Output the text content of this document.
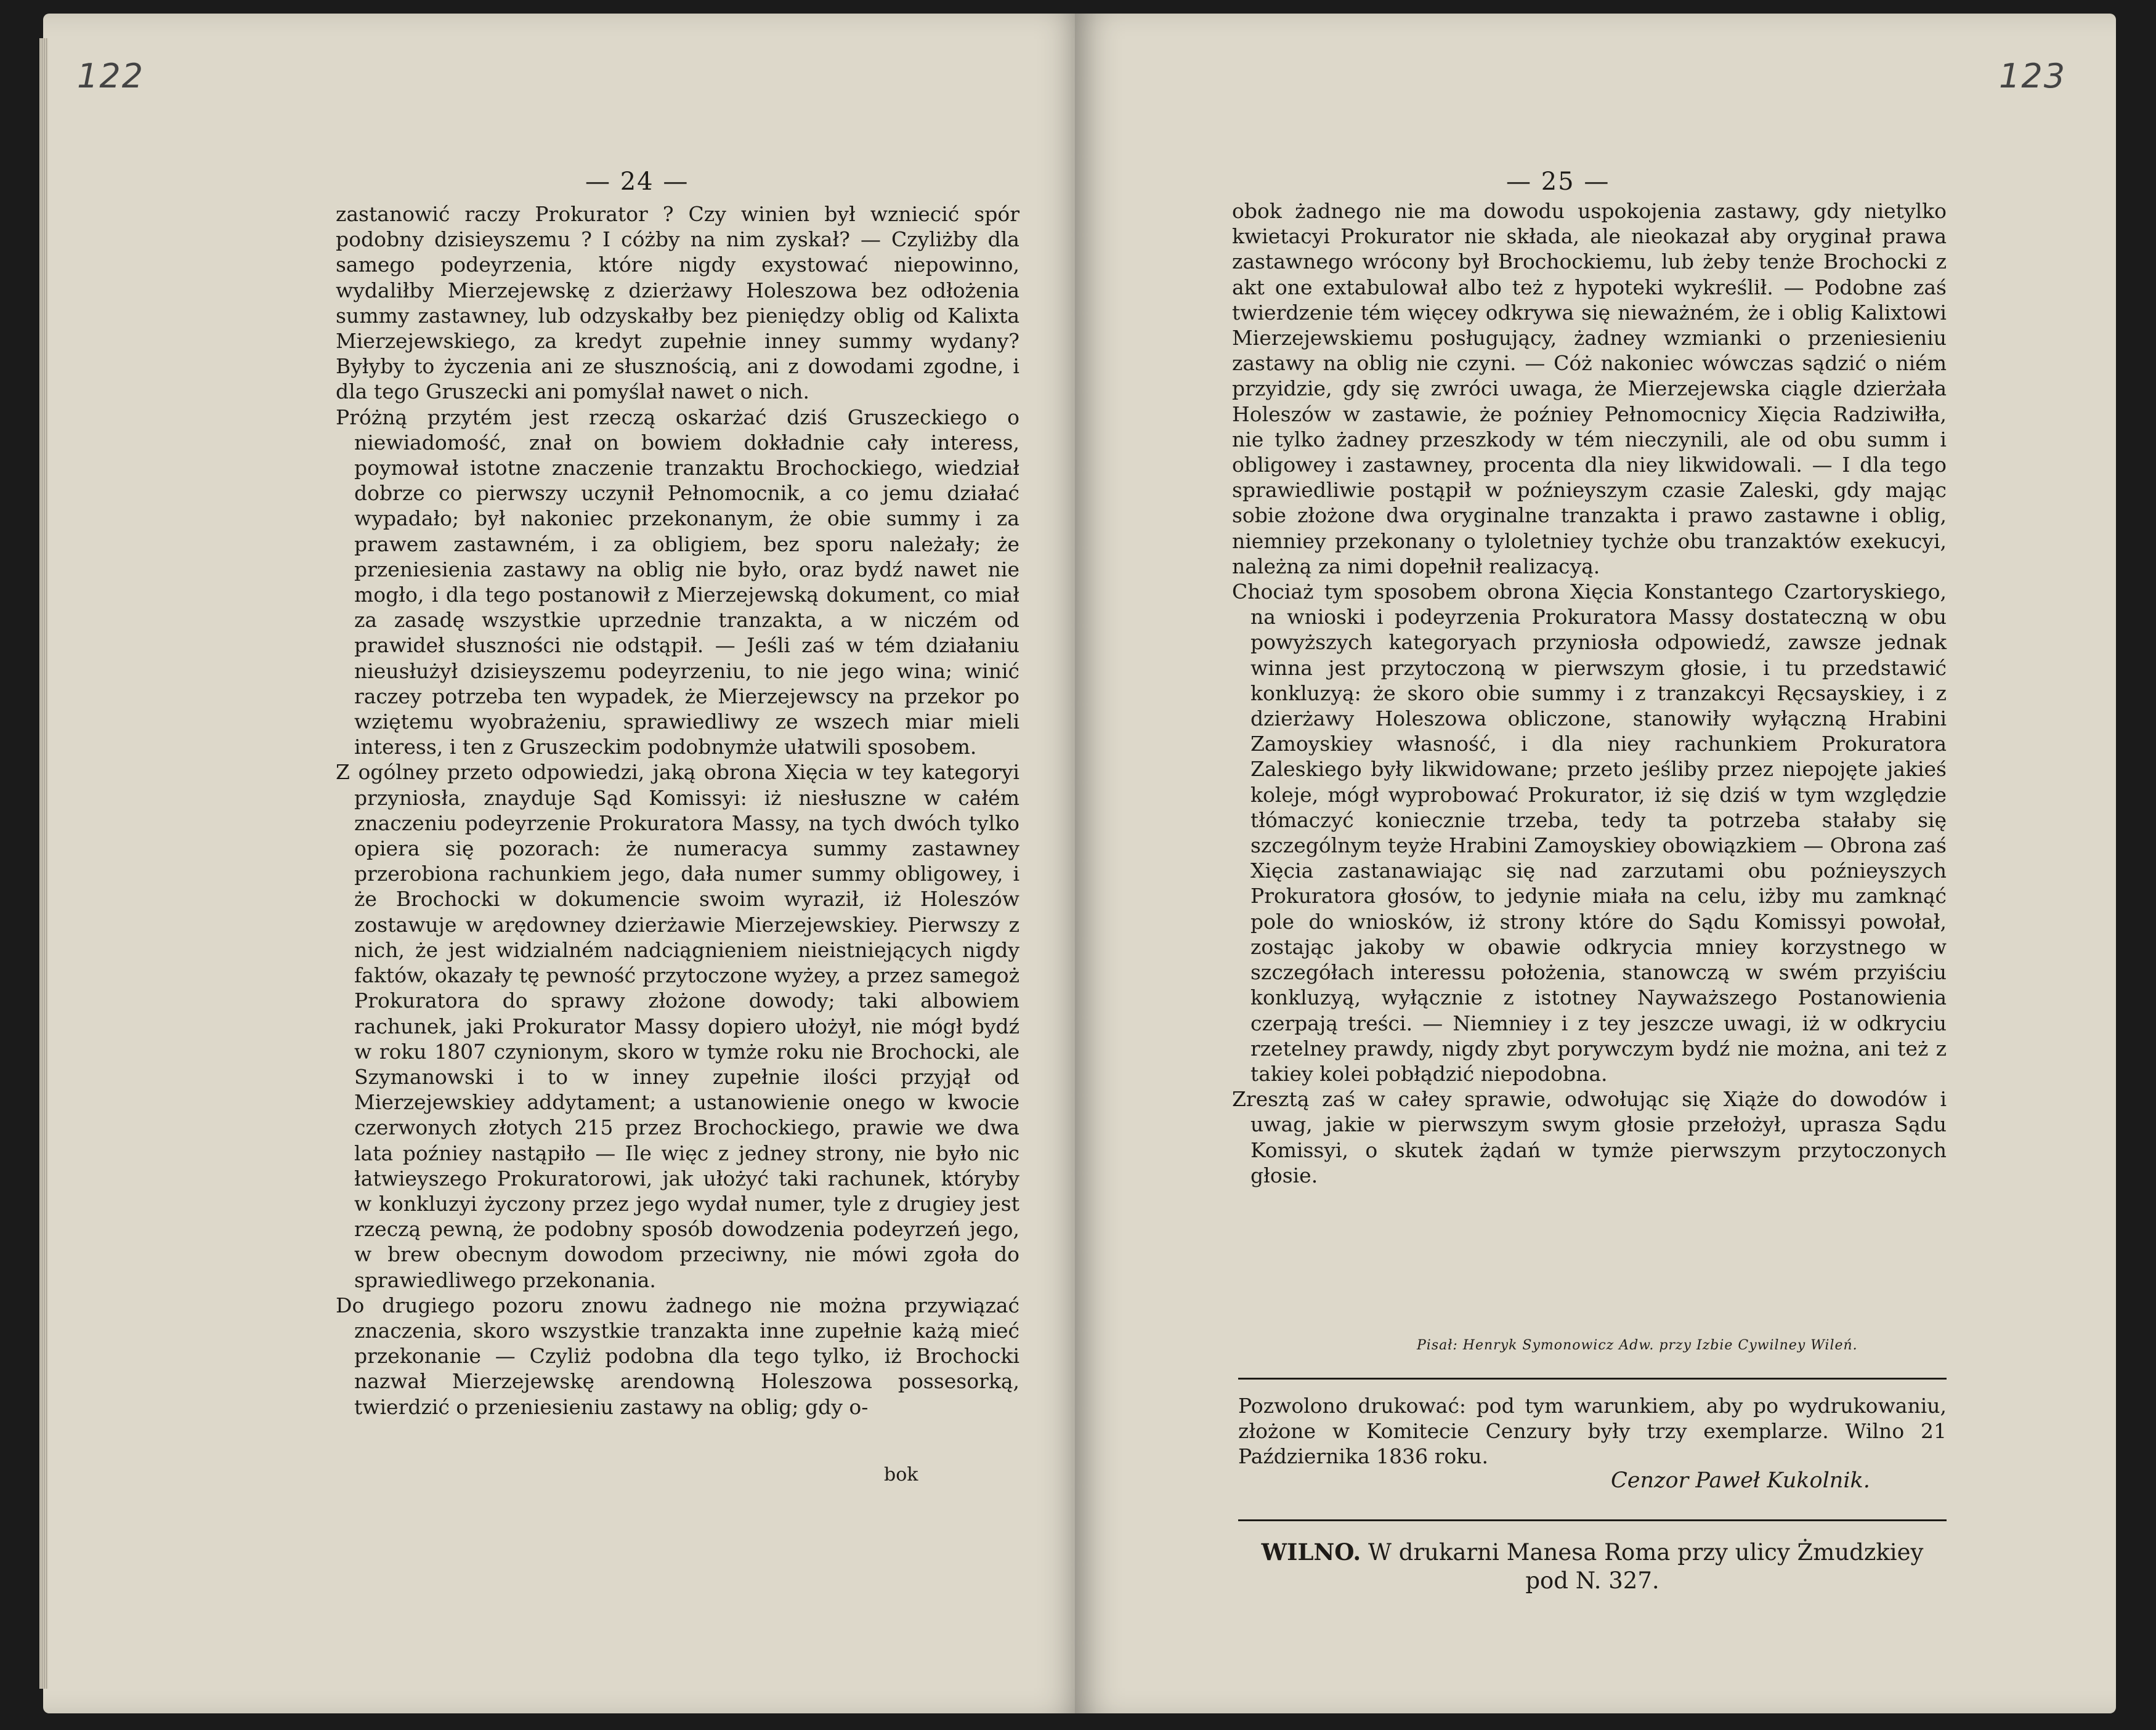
122
— 24 —

zastanowić raczy Prokurator ? Czy winien był wzniecić spór podobny dzisieyszemu ? I cóżby na nim zyskał? — Czyliżby dla samego podeyrzenia, które nigdy exystować niepowinno, wydaliłby Mierzejewskę z dzierżawy Holeszowa bez odłożenia summy zastawney, lub odzyskałby bez pieniędzy oblig od Kalixta Mierzejewskiego, za kredyt zupełnie inney summy wydany? Byłyby to życzenia ani ze słusznością, ani z dowodami zgodne, i dla tego Gruszecki ani pomyślał nawet o nich.

Próżną przytém jest rzeczą oskarżać dziś Gruszeckiego o niewiadomość, znał on bowiem dokładnie cały interess, poymował istotne znaczenie tranzaktu Brochockiego, wiedział dobrze co pierwszy uczynił Pełnomocnik, a co jemu działać wypadało; był nakoniec przekonanym, że obie summy i za prawem zastawném, i za obligiem, bez sporu należały; że przeniesienia zastawy na oblig nie było, oraz bydź nawet nie mogło, i dla tego postanowił z Mierzejewską dokument, co miał za zasadę wszystkie uprzednie tranzakta, a w niczém od prawideł słuszności nie odstąpił. — Jeśli zaś w tém działaniu nieusłużył dzisieyszemu podeyrzeniu, to nie jego wina; winić raczey potrzeba ten wypadek, że Mierzejewscy na przekor po wziętemu wyobrażeniu, sprawiedliwy ze wszech miar mieli interess, i ten z Gruszeckim podobnymże ułatwili sposobem.

Z ogólney przeto odpowiedzi, jaką obrona Xięcia w tey kategoryi przyniosła, znayduje Sąd Komissyi: iż niesłuszne w całém znaczeniu podeyrzenie Prokuratora Massy, na tych dwóch tylko opiera się pozorach: że numeracya summy zastawney przerobiona rachunkiem jego, dała numer summy obligowey, i że Brochocki w dokumencie swoim wyraził, iż Holeszów zostawuje w arędowney dzierżawie Mierzejewskiey. Pierwszy z nich, że jest widzialném nadciągnieniem nieistniejących nigdy faktów, okazały tę pewność przytoczone wyżey, a przez samegoż Prokuratora do sprawy złożone dowody; taki albowiem rachunek, jaki Prokurator Massy dopiero ułożył, nie mógł bydź w roku 1807 czynionym, skoro w tymże roku nie Brochocki, ale Szymanowski i to w inney zupełnie ilości przyjął od Mierzejewskiey addytament; a ustanowienie onego w kwocie czerwonych złotych 215 przez Brochockiego, prawie we dwa lata poźniey nastąpiło — Ile więc z jedney strony, nie było nic łatwieyszego Prokuratorowi, jak ułożyć taki rachunek, któryby w konkluzyi życzony przez jego wydał numer, tyle z drugiey jest rzeczą pewną, że podobny sposób dowodzenia podeyrzeń jego, w brew obecnym dowodom przeciwny, nie mówi zgoła do sprawiedliwego przekonania.

Do drugiego pozoru znowu żadnego nie można przywiązać znaczenia, skoro wszystkie tranzakta inne zupełnie każą mieć przekonanie — Czyliż podobna dla tego tylko, iż Brochocki nazwał Mierzejewskę arendowną Holeszowa possesorką, twierdzić o przeniesieniu zastawy na oblig; gdy o-

bok
123
— 25 —

obok żadnego nie ma dowodu uspokojenia zastawy, gdy nietylko kwietacyi Prokurator nie składa, ale nieokazał aby oryginał prawa zastawnego wrócony był Brochockiemu, lub żeby tenże Brochocki z akt one extabulował albo też z hypoteki wykreślił. — Podobne zaś twierdzenie tém więcey odkrywa się nieważném, że i oblig Kalixtowi Mierzejewskiemu posługujący, żadney wzmianki o przeniesieniu zastawy na oblig nie czyni. — Cóż nakoniec wówczas sądzić o niém przyidzie, gdy się zwróci uwaga, że Mierzejewska ciągle dzierżała Holeszów w zastawie, że poźniey Pełnomocnicy Xięcia Radziwiłła, nie tylko żadney przeszkody w tém nieczynili, ale od obu summ i obligowey i zastawney, procenta dla niey likwidowali. — I dla tego sprawiedliwie postąpił w poźnieyszym czasie Zaleski, gdy mając sobie złożone dwa oryginalne tranzakta i prawo zastawne i oblig, niemniey przekonany o tyloletniey tychże obu tranzaktów exekucyi, należną za nimi dopełnił realizacyą.

Chociaż tym sposobem obrona Xięcia Konstantego Czartoryskiego, na wnioski i podeyrzenia Prokuratora Massy dostateczną w obu powyższych kategoryach przyniosła odpowiedź, zawsze jednak winna jest przytoczoną w pierwszym głosie, i tu przedstawić konkluzyą: że skoro obie summy i z tranzakcyi Ręcsayskiey, i z dzierżawy Holeszowa obliczone, stanowiły wyłączną Hrabini Zamoyskiey własność, i dla niey rachunkiem Prokuratora Zaleskiego były likwidowane; przeto jeśliby przez niepojęte jakieś koleje, mógł wyprobować Prokurator, iż się dziś w tym względzie tłómaczyć koniecznie trzeba, tedy ta potrzeba stałaby się szczególnym teyże Hrabini Zamoyskiey obowiązkiem — Obrona zaś Xięcia zastanawiając się nad zarzutami obu poźnieyszych Prokuratora głosów, to jedynie miała na celu, iżby mu zamknąć pole do wniosków, iż strony które do Sądu Komissyi powołał, zostając jakoby w obawie odkrycia mniey korzystnego w szczegółach interessu położenia, stanowczą w swém przyiściu konkluzyą, wyłącznie z istotney Nayważszego Postanowienia czerpają treści. — Niemniey i z tey jeszcze uwagi, iż w odkryciu rzetelney prawdy, nigdy zbyt porywczym bydź nie można, ani też z takiey kolei pobłądzić niepodobna.

Zresztą zaś w całey sprawie, odwołując się Xiąże do dowodów i uwag, jakie w pierwszym swym głosie przełożył, uprasza Sądu Komissyi, o skutek żądań w tymże pierwszym przytoczonych głosie.

Pisał: Henryk Symonowicz Adw. przy Izbie Cywilney Wileń.
Pozwolono drukować: pod tym warunkiem, aby po wydrukowaniu, złożone w Komitecie Cenzury były trzy exemplarze. Wilno 21 Października 1836 roku.
Cenzor Paweł Kukolnik.
WILNO. W drukarni Manesa Roma przy ulicy Żmudzkiey
pod N. 327.
